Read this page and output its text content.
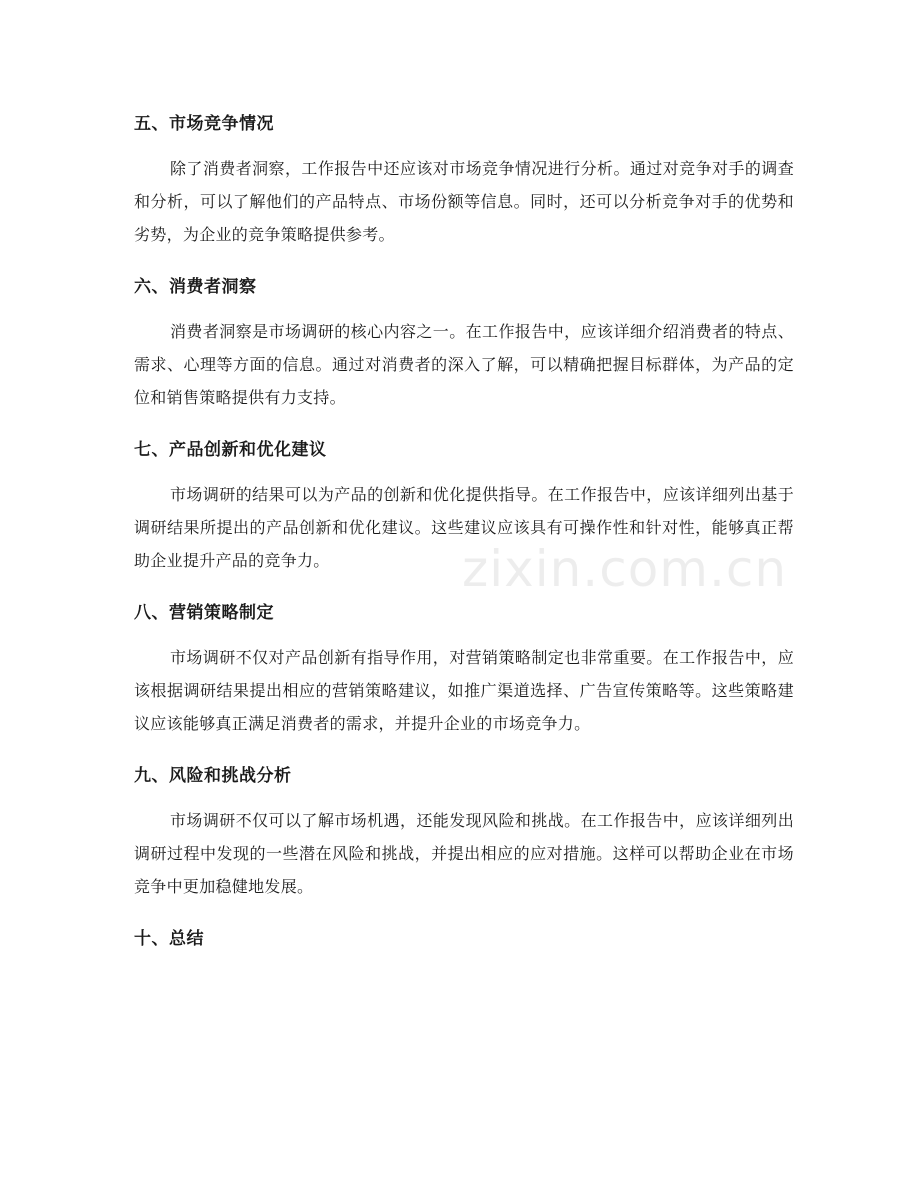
五、市场竞争情况

除了消费者洞察，工作报告中还应该对市场竞争情况进行分析。通过对竞争对手的调查和分析，可以了解他们的产品特点、市场份额等信息。同时，还可以分析竞争对手的优势和劣势，为企业的竞争策略提供参考。

六、消费者洞察

消费者洞察是市场调研的核心内容之一。在工作报告中，应该详细介绍消费者的特点、需求、心理等方面的信息。通过对消费者的深入了解，可以精确把握目标群体，为产品的定位和销售策略提供有力支持。

七、产品创新和优化建议

市场调研的结果可以为产品的创新和优化提供指导。在工作报告中，应该详细列出基于调研结果所提出的产品创新和优化建议。这些建议应该具有可操作性和针对性，能够真正帮助企业提升产品的竞争力。

八、营销策略制定

市场调研不仅对产品创新有指导作用，对营销策略制定也非常重要。在工作报告中，应该根据调研结果提出相应的营销策略建议，如推广渠道选择、广告宣传策略等。这些策略建议应该能够真正满足消费者的需求，并提升企业的市场竞争力。

九、风险和挑战分析

市场调研不仅可以了解市场机遇，还能发现风险和挑战。在工作报告中，应该详细列出调研过程中发现的一些潜在风险和挑战，并提出相应的应对措施。这样可以帮助企业在市场竞争中更加稳健地发展。

十、总结
zixin.com.cn
